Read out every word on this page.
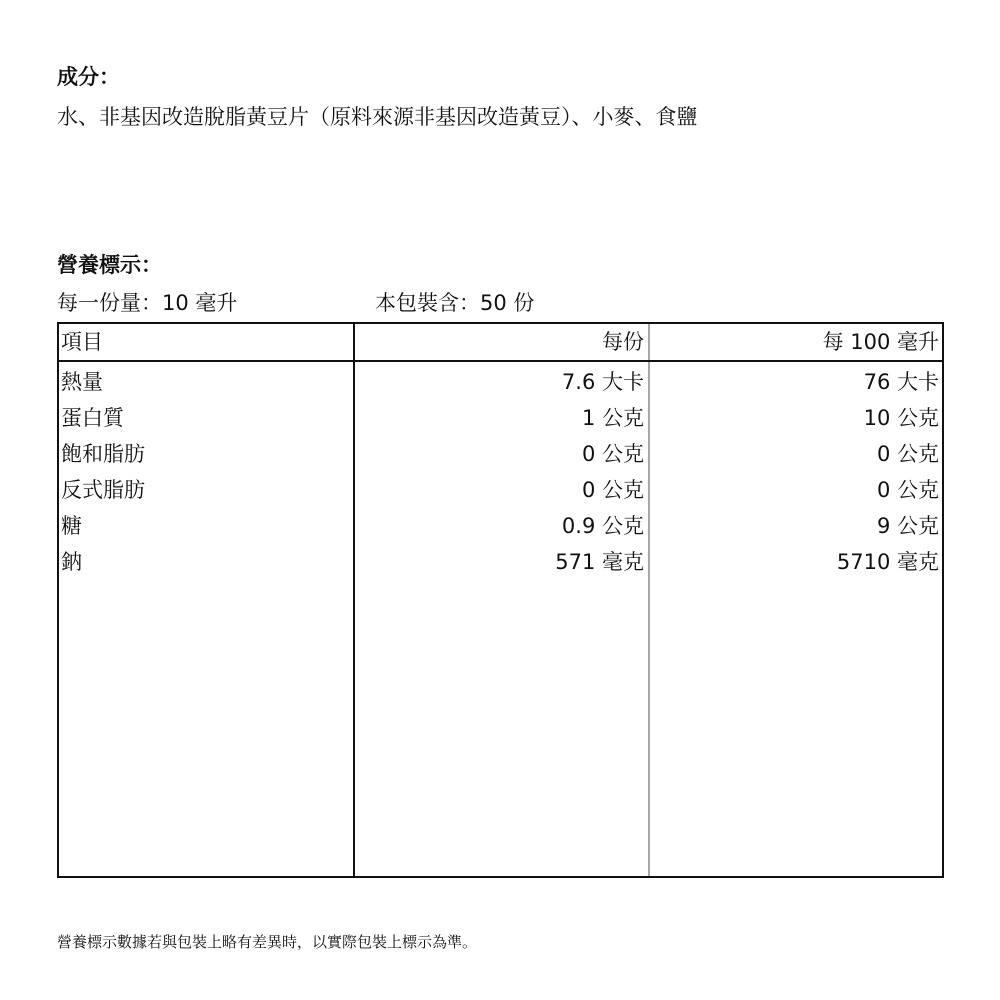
成分：
水、非基因改造脫脂黃豆片（原料來源非基因改造黃豆）、小麥、食鹽
營養標示：
每一份量：10 毫升	本包裝含：50 份
項目	每份	每 100 毫升
熱量	7.6 大卡	76 大卡
蛋白質	1 公克	10 公克
飽和脂肪	0 公克	0 公克
反式脂肪	0 公克	0 公克
糖	0.9 公克	9 公克
鈉	571 毫克	5710 毫克
營養標示數據若與包裝上略有差異時，以實際包裝上標示為準。
